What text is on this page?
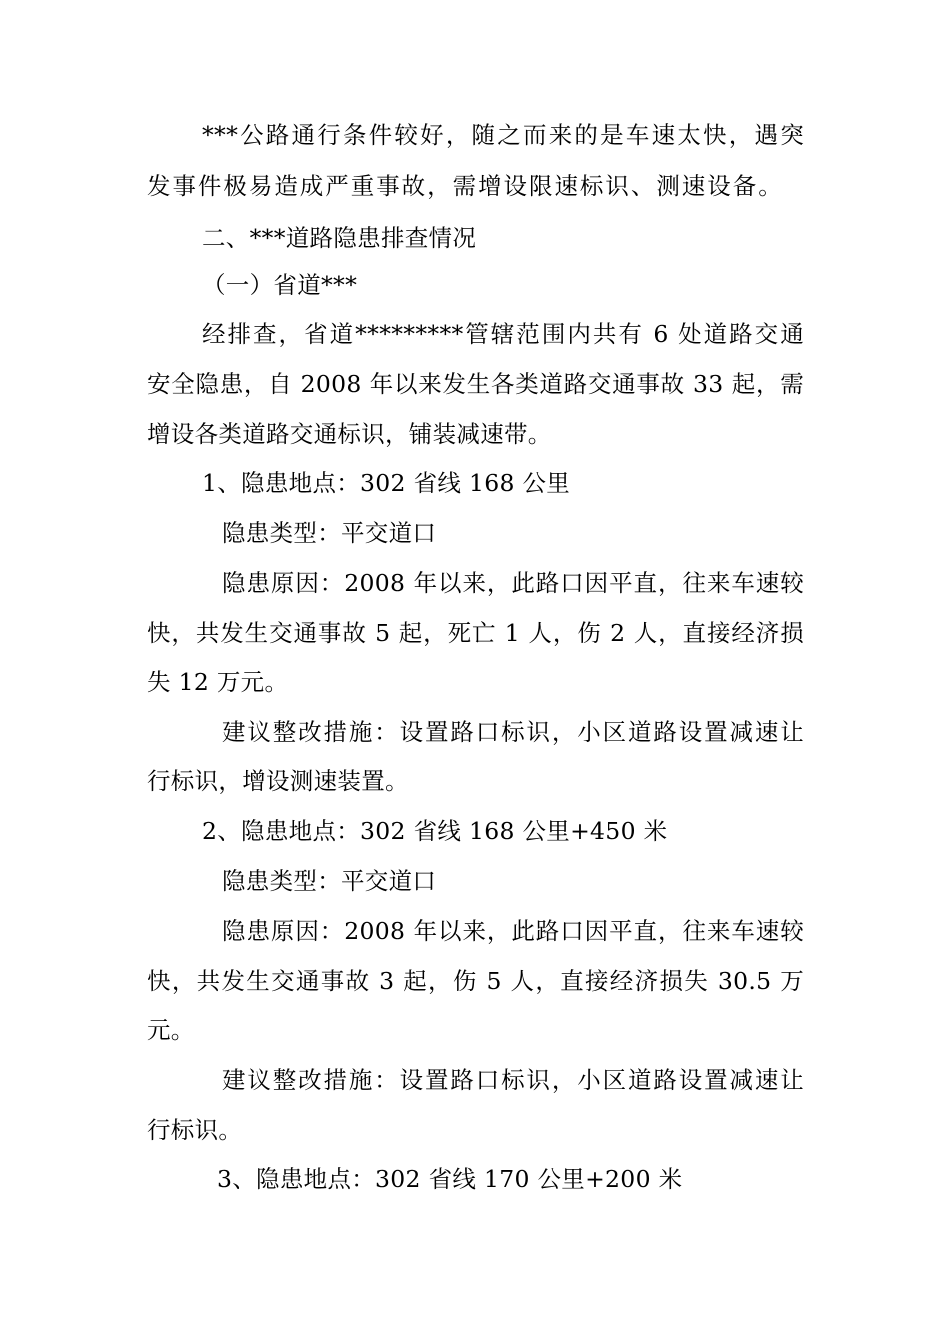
***公路通行条件较好，随之而来的是车速太快，遇突
发事件极易造成严重事故，需增设限速标识、测速设备。
二、***道路隐患排查情况
（一）省道***
经排查，省道*********管辖范围内共有 6 处道路交通
安全隐患，自 2008 年以来发生各类道路交通事故 33 起，需
增设各类道路交通标识，铺装减速带。
1、隐患地点：302 省线 168 公里
隐患类型：平交道口
隐患原因：2008 年以来，此路口因平直，往来车速较
快，共发生交通事故 5 起，死亡 1 人，伤 2 人，直接经济损
失 12 万元。
建议整改措施：设置路口标识，小区道路设置减速让
行标识，增设测速装置。
2、隐患地点：302 省线 168 公里+450 米
隐患类型：平交道口
隐患原因：2008 年以来，此路口因平直，往来车速较
快，共发生交通事故 3 起，伤 5 人，直接经济损失 30.5 万
元。
建议整改措施：设置路口标识，小区道路设置减速让
行标识。
3、隐患地点：302 省线 170 公里+200 米
